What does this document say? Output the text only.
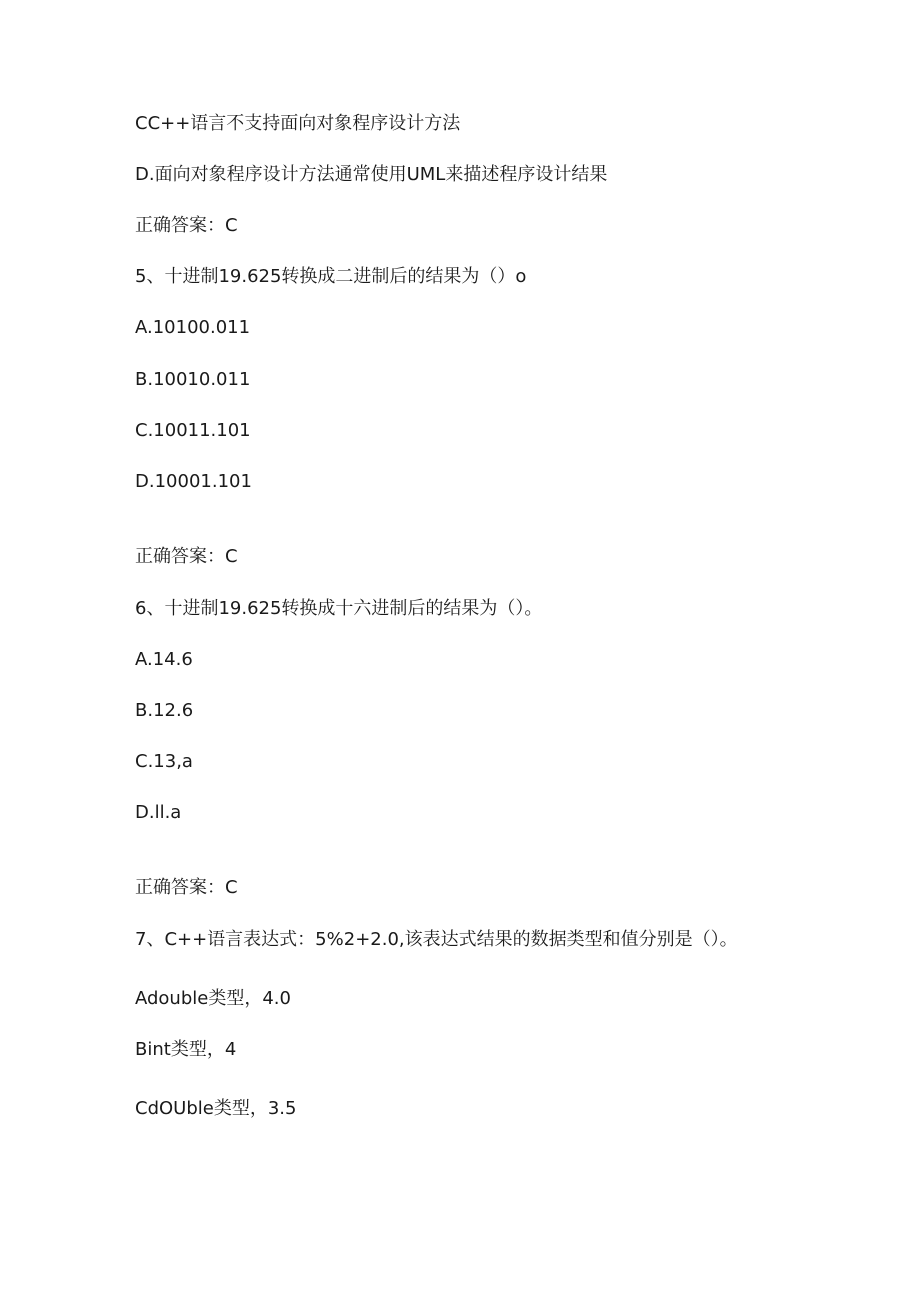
CC++语言不支持面向对象程序设计方法
D.面向对象程序设计方法通常使用UML来描述程序设计结果
正确答案：C
5、十进制19.625转换成二进制后的结果为（）o
A.10100.011
B.10010.011
C.10011.101
D.10001.101
正确答案：C
6、十进制19.625转换成十六进制后的结果为（）。
A.14.6
B.12.6
C.13,a
D.ll.a
正确答案：C
7、C++语言表达式：5%2+2.0,该表达式结果的数据类型和值分别是（）。
Adouble类型，4.0
Bint类型，4
CdOUble类型，3.5
